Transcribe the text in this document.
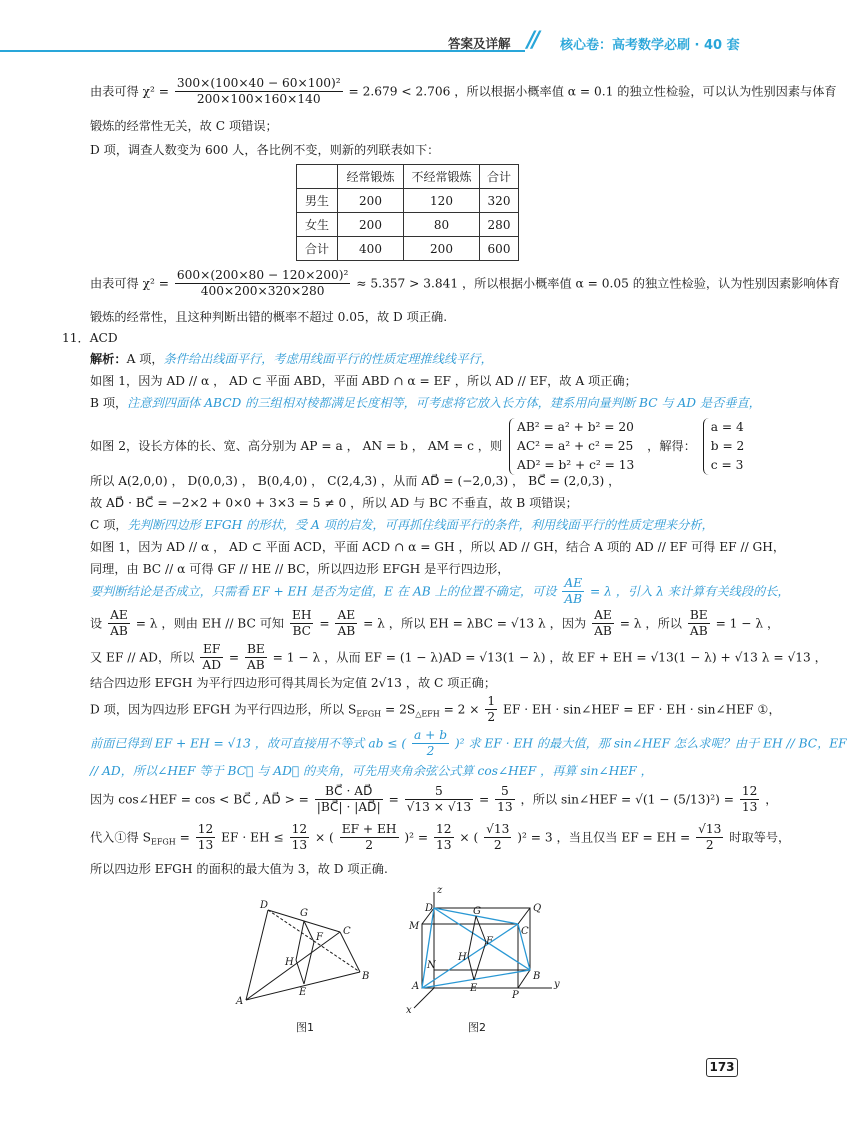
答案及详解 // 核心卷：高考数学必刷 · 40 套
由表可得 $\chi^2 = \frac{\text{300×(100×40 − 60×100)²}}{200\times 100\times 160\times 140} = 2.679 < 2.706$ ，所以根据小概率值 α = 0.1 的独立性检验，可以认为性别因素与体育
锻炼的经常性无关，故 C 项错误；
D 项，调查人数变为 600 人，各比例不变，则新的列联表如下：
	经常锻炼	不经常锻炼	合计
男生	200	120	320
女生	200	80	280
合计	400	200	600
由表可得 $\chi^2 = \frac{\text{600×(200×80 − 120×200)²}}{400\times 200\times 320\times 280} \approx 5.357 > 3.841$ ，所以根据小概率值 α = 0.05 的独立性检验，认为性别因素影响体育
锻炼的经常性，且这种判断出错的概率不超过 0.05，故 D 项正确.
11．ACD
解析：A 项，条件给出线面平行，考虑用线面平行的性质定理推线线平行，
如图 1，因为 AD // α ， AD ⊂ 平面 ABD，平面 ABD ∩ α = EF ，所以 AD // EF，故 A 项正确；
B 项，注意到四面体 ABCD 的三组相对棱都满足长度相等，可考虑将它放入长方体，建系用向量判断 BC 与 AD 是否垂直，
如图 2，设长方体的长、宽、高分别为 AP = a ， AN = b ， AM = c ，则
AB² = a² + b² = 20
AC² = a² + c² = 25
AD² = b² + c² = 13
，解得：
a = 4
b = 2
c = 3
所以 A(2,0,0) ， D(0,0,3) ， B(0,4,0) ， C(2,4,3) ，从而 AD⃗ = (−2,0,3) ， BC⃗ = (2,0,3) ，
故 AD⃗ · BC⃗ = −2×2 + 0×0 + 3×3 = 5 ≠ 0 ，所以 AD 与 BC 不垂直，故 B 项错误；
C 项，先判断四边形 EFGH 的形状，受 A 项的启发，可再抓住线面平行的条件，利用线面平行的性质定理来分析，
如图 1，因为 AD // α ， AD ⊂ 平面 ACD，平面 ACD ∩ α = GH ，所以 AD // GH，结合 A 项的 AD // EF 可得 EF // GH，
同理，由 BC // α 可得 GF // HE // BC，所以四边形 EFGH 是平行四边形，
要判断结论是否成立，只需看 EF + EH 是否为定值，E 在 AB 上的位置不确定，可设 $\frac{AE}{AB} = \lambda$ ，引入 λ 来计算有关线段的长，
设 $\frac{AE}{AB} = \lambda$ ，则由 EH // BC 可知 $\frac{EH}{BC} = \frac{AE}{AB} = \lambda$ ，所以 EH = λBC = √13 λ ，因为 $\frac{AE}{AB} = \lambda$ ，所以 $\frac{BE}{AB} = 1 - \lambda$ ，
又 EF // AD，所以 $\frac{EF}{AD} = \frac{BE}{AB} = 1 - \lambda$ ，从而 EF = (1 − λ)AD = √13(1 − λ) ，故 EF + EH = √13(1 − λ) + √13 λ = √13 ，
结合四边形 EFGH 为平行四边形可得其周长为定值 2√13 ，故 C 项正确；
D 项，因为四边形 EFGH 为平行四边形，所以 $S_{EFGH} = 2S_{\triangle EFH} = 2 \times \frac{1}{2}$ EF · EH · sin∠HEF = EF · EH · sin∠HEF ①，
前面已得到 EF + EH = √13 ，故可直接用不等式 ab ≤ ( $\frac{a + b}{2} )^2$ 求 EF · EH 的最大值，那 sin∠HEF 怎么求呢？由于 EH // BC，EF
// AD，所以∠HEF 等于 BC⃗ 与 AD⃗ 的夹角，可先用夹角余弦公式算 cos∠HEF ，再算 sin∠HEF ，
因为 cos∠HEF = cos < BC⃗ , AD⃗ > = $\frac{BC⃗ \cdot AD⃗}{|BC⃗| \cdot |AD⃗|} = \frac{5}{√13 \times √13} = \frac{5}{13}$ ，所以 sin∠HEF = $√(1 - (5/13)^2) = \frac{12}{13}$ ，
代入①得 $S_{EFGH} = \frac{12}{13}$ EF · EH ≤ $\frac{12}{13}$ × ( $\frac{EF + EH}{2} )^2 = \frac{12}{13}$ × ( $\frac{√13}{2} )^2 = 3$ ，当且仅当 EF = EH = $\frac{√13}{2}$ 时取等号，
所以四边形 EFGH 的面积的最大值为 3，故 D 项正确.
D
G
C
F
H
B
A
E
图1
z
D	G	Q
M
F
C
H
N
y
A	E
B
P
x
图2
173
